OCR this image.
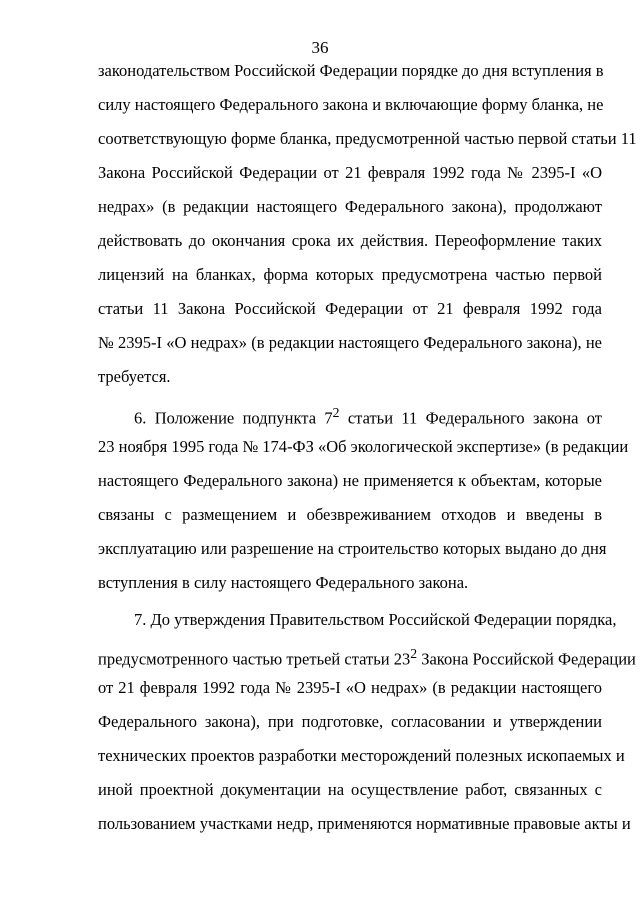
36
законодательством Российской Федерации порядке до дня вступления в
силу настоящего Федерального закона и включающие форму бланка, не
соответствующую форме бланка, предусмотренной частью первой статьи 11
Закона Российской Федерации от 21 февраля 1992 года № 2395-I «О
недрах» (в редакции настоящего Федерального закона), продолжают
действовать до окончания срока их действия. Переоформление таких
лицензий на бланках, форма которых предусмотрена частью первой
статьи 11 Закона Российской Федерации от 21 февраля 1992 года
№ 2395-I «О недрах» (в редакции настоящего Федерального закона), не
требуется.
6. Положение подпункта $7^2$ статьи 11 Федерального закона от
23 ноября 1995 года № 174-ФЗ «Об экологической экспертизе» (в редакции
настоящего Федерального закона) не применяется к объектам, которые
связаны с размещением и обезвреживанием отходов и введены в
эксплуатацию или разрешение на строительство которых выдано до дня
вступления в силу настоящего Федерального закона.
7. До утверждения Правительством Российской Федерации порядка,
предусмотренного частью третьей статьи $23^2$ Закона Российской Федерации
от 21 февраля 1992 года № 2395-I «О недрах» (в редакции настоящего
Федерального закона), при подготовке, согласовании и утверждении
технических проектов разработки месторождений полезных ископаемых и
иной проектной документации на осуществление работ, связанных с
пользованием участками недр, применяются нормативные правовые акты и
